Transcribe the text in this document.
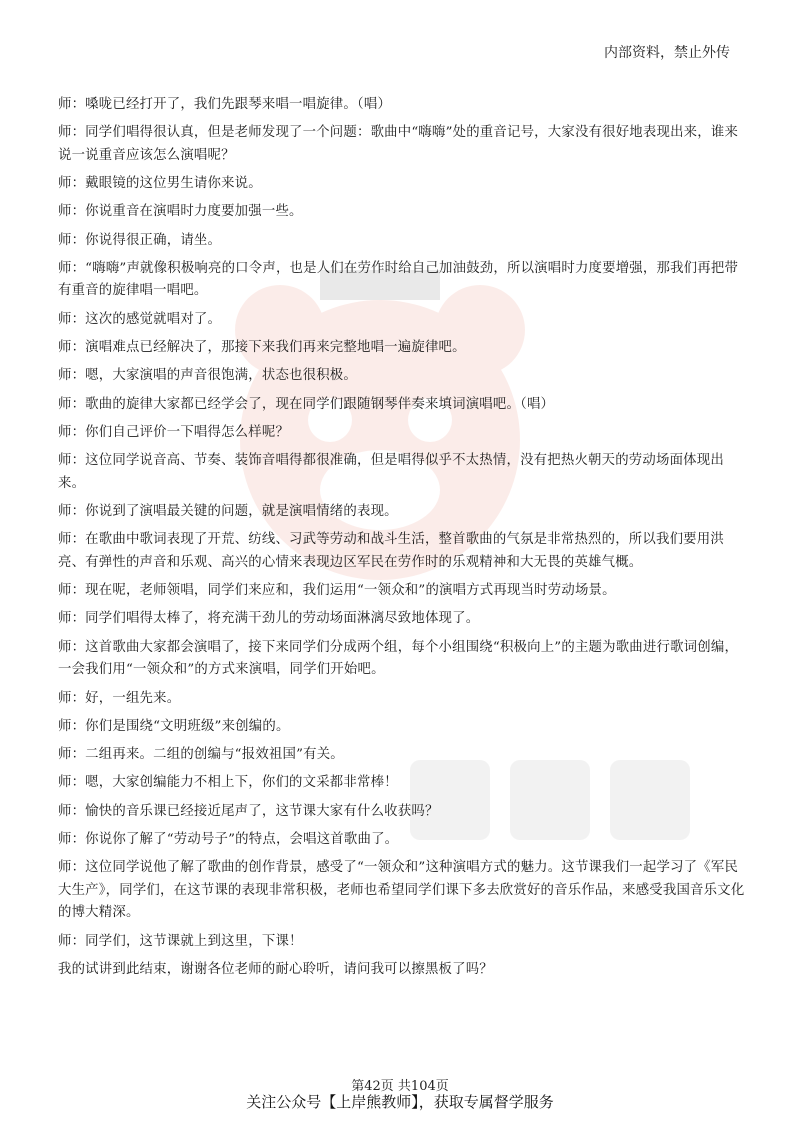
内部资料，禁止外传

师：嗓咙已经打开了，我们先跟琴来唱一唱旋律。（唱）

师：同学们唱得很认真，但是老师发现了一个问题：歌曲中“嗨嗨”处的重音记号，大家没有很好地表现出来，谁来说一说重音应该怎么演唱呢？

师：戴眼镜的这位男生请你来说。

师：你说重音在演唱时力度要加强一些。

师：你说得很正确，请坐。

师：“嗨嗨”声就像积极响亮的口令声，也是人们在劳作时给自己加油鼓劲，所以演唱时力度要增强，那我们再把带有重音的旋律唱一唱吧。

师：这次的感觉就唱对了。

师：演唱难点已经解决了，那接下来我们再来完整地唱一遍旋律吧。

师：嗯，大家演唱的声音很饱满，状态也很积极。

师：歌曲的旋律大家都已经学会了，现在同学们跟随钢琴伴奏来填词演唱吧。（唱）

师：你们自己评价一下唱得怎么样呢？

师：这位同学说音高、节奏、装饰音唱得都很准确，但是唱得似乎不太热情，没有把热火朝天的劳动场面体现出来。

师：你说到了演唱最关键的问题，就是演唱情绪的表现。

师：在歌曲中歌词表现了开荒、纺线、习武等劳动和战斗生活，整首歌曲的气氛是非常热烈的，所以我们要用洪亮、有弹性的声音和乐观、高兴的心情来表现边区军民在劳作时的乐观精神和大无畏的英雄气概。

师：现在呢，老师领唱，同学们来应和，我们运用“一领众和”的演唱方式再现当时劳动场景。

师：同学们唱得太棒了，将充满干劲儿的劳动场面淋漓尽致地体现了。

师：这首歌曲大家都会演唱了，接下来同学们分成两个组，每个小组围绕“积极向上”的主题为歌曲进行歌词创编，一会我们用“一领众和”的方式来演唱，同学们开始吧。

师：好，一组先来。

师：你们是围绕“文明班级”来创编的。

师：二组再来。二组的创编与“报效祖国”有关。

师：嗯，大家创编能力不相上下，你们的文采都非常棒！

师：愉快的音乐课已经接近尾声了，这节课大家有什么收获吗？

师：你说你了解了“劳动号子”的特点，会唱这首歌曲了。

师：这位同学说他了解了歌曲的创作背景，感受了“一领众和”这种演唱方式的魅力。这节课我们一起学习了《军民大生产》，同学们，在这节课的表现非常积极，老师也希望同学们课下多去欣赏好的音乐作品，来感受我国音乐文化的博大精深。

师：同学们，这节课就上到这里，下课！

我的试讲到此结束，谢谢各位老师的耐心聆听，请问我可以擦黑板了吗？

第42页 共104页
关注公众号【上岸熊教师】，获取专属督学服务
